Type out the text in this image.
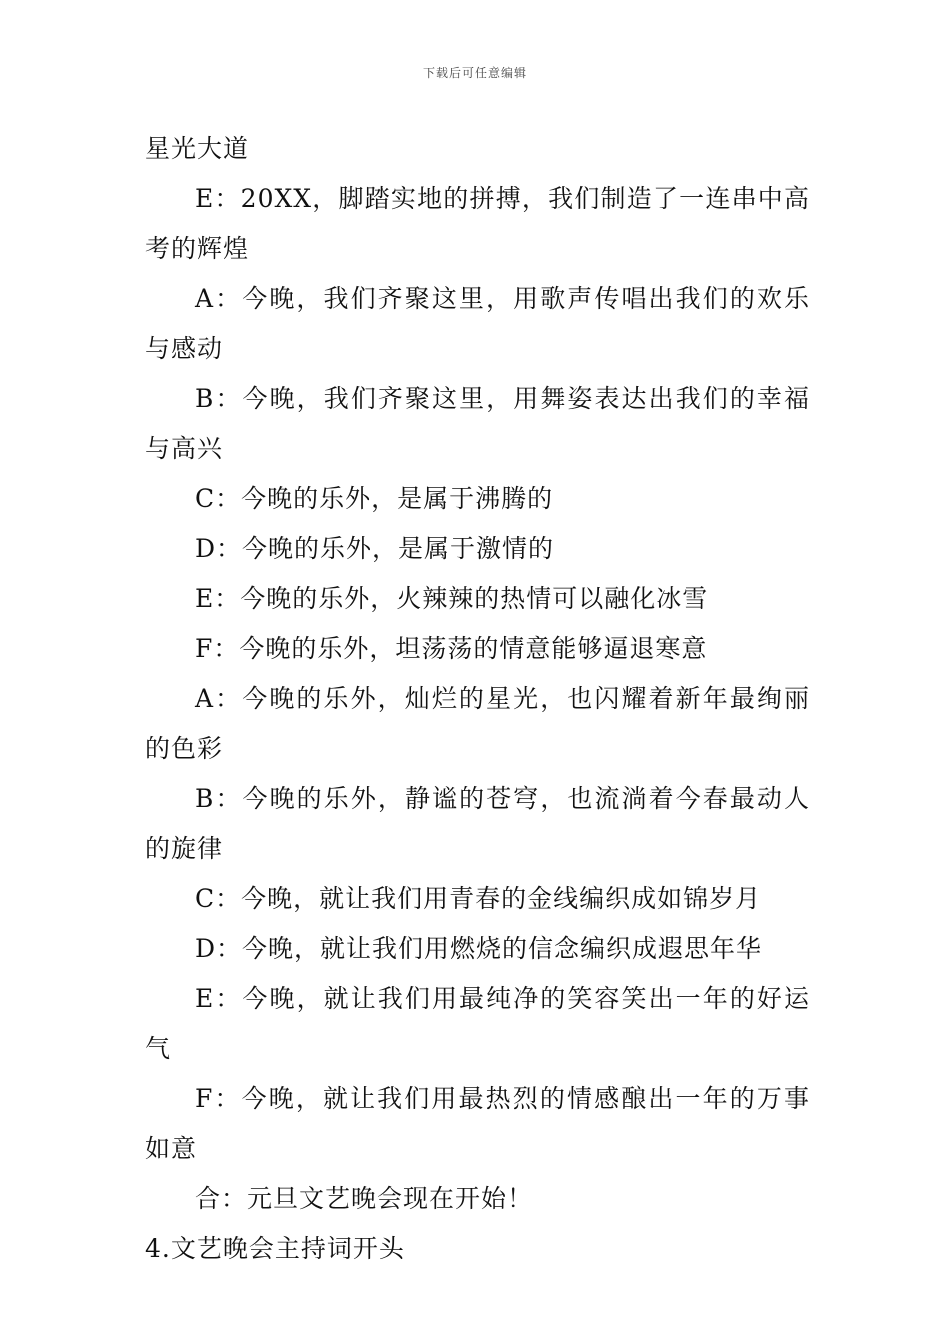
下载后可任意编辑

星光大道

E：20XX，脚踏实地的拼搏，我们制造了一连串中高考的辉煌

A：今晚，我们齐聚这里，用歌声传唱出我们的欢乐与感动

B：今晚，我们齐聚这里，用舞姿表达出我们的幸福与高兴

C：今晚的乐外，是属于沸腾的

D：今晚的乐外，是属于激情的

E：今晚的乐外，火辣辣的热情可以融化冰雪

F：今晚的乐外，坦荡荡的情意能够逼退寒意

A：今晚的乐外，灿烂的星光，也闪耀着新年最绚丽的色彩

B：今晚的乐外，静谧的苍穹，也流淌着今春最动人的旋律

C：今晚，就让我们用青春的金线编织成如锦岁月

D：今晚，就让我们用燃烧的信念编织成遐思年华

E：今晚，就让我们用最纯净的笑容笑出一年的好运气

F：今晚，就让我们用最热烈的情感酿出一年的万事如意

合：元旦文艺晚会现在开始！

4.文艺晚会主持词开头
